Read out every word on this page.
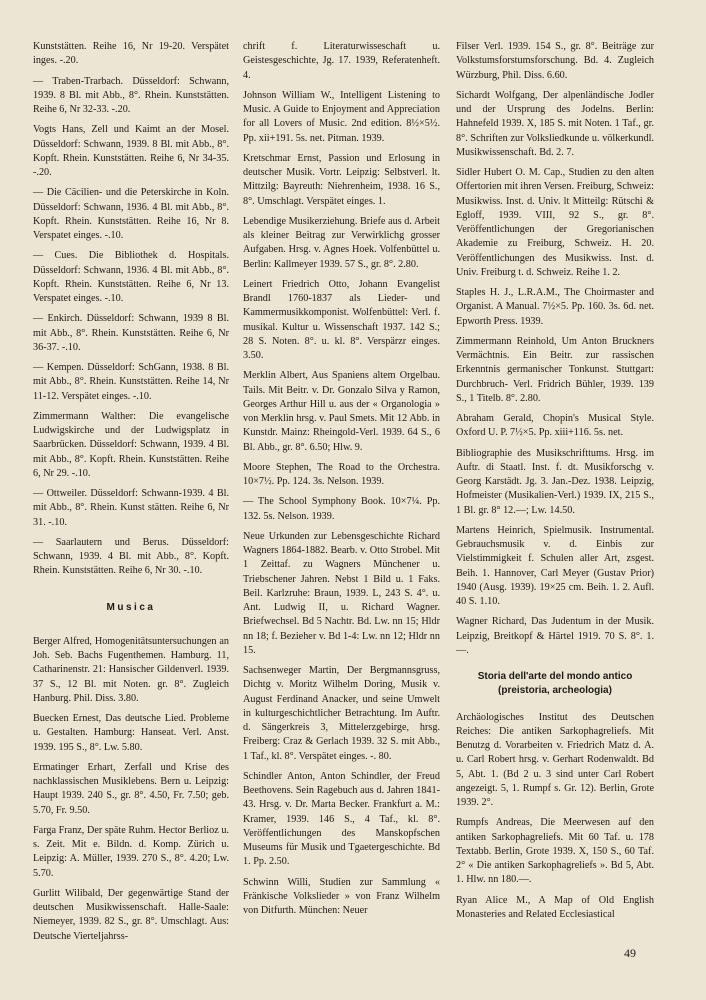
Kunststätten. Reihe 16, Nr 19-20. Verspätet inges. -.20.

— Traben-Trarbach. Düsseldorf: Schwann, 1939. 8 Bl. mit Abb., 8°. Rhein. Kunststätten. Reihe 6, Nr 32-33. -.20.

Vogts Hans, Zell und Kaimt an der Mosel. Düsseldorf: Schwann, 1939. 8 Bl. mit Abb., 8°. Kopft. Rhein. Kunststätten. Reihe 6, Nr 34-35. -.20.

— Die Cäcilien- und die Peterskirche in Koln. Düsseldorf: Schwann, 1936. 4 Bl. mit Abb., 8°. Kopft. Rhein. Kunststätten. Reihe 16, Nr 8. Verspatet einges. -.10.

— Cues. Die Bibliothek d. Hospitals. Düsseldorf: Schwann, 1936. 4 Bl. mit Abb., 8°. Kopft. Rhein. Kunststätten. Reihe 6, Nr 13. Verspatet einges. -.10.

— Enkirch. Düsseldorf: Schwann, 1939 8 Bl. mit Abb., 8°. Rhein. Kunststätten. Reihe 6, Nr 36-37. -.10.

— Kempen. Düsseldorf: SchGann, 1938. 8 Bl. mit Abb., 8°. Rhein. Kunststätten. Reihe 14, Nr 11-12. Verspätet einges. -.10.

Zimmermann Walther: Die evangelische Ludwigskirche und der Ludwigsplatz in Saarbrücken. Düsseldorf: Schwann, 1939. 4 Bl. mit Abb., 8°. Kopft. Rhein. Kunststätten. Reihe 6, Nr 29. -.10.

— Ottweiler. Düsseldorf: Schwann-1939. 4 Bl. mit Abb., 8°. Rhein. Kunst stätten. Reihe 6, Nr 31. -.10.

— Saarlautern und Berus. Düsseldorf: Schwann, 1939. 4 Bl. mit Abb., 8°. Kopft. Rhein. Kunststätten. Reihe 6, Nr 30. -.10.

Musica

Berger Alfred, Homogenitätsuntersuchungen an Joh. Seb. Bachs Fugenthemen. Hamburg. 11, Catharinenstr. 21: Hansischer Gildenverl. 1939. 37 S., 12 Bl. mit Noten. gr. 8°. Zugleich Hanburg. Phil. Diss. 3.80.

Buecken Ernest, Das deutsche Lied. Probleme u. Gestalten. Hamburg: Hanseat. Verl. Anst. 1939. 195 S., 8°. Lw. 5.80.

Ermatinger Erhart, Zerfall und Krise des nachklassischen Musiklebens. Bern u. Leipzig: Haupt 1939. 240 S., gr. 8°. 4.50, Fr. 7.50; geb. 5.70, Fr. 9.50.

Farga Franz, Der späte Ruhm. Hector Berlioz u. s. Zeit. Mit e. Bildn. d. Komp. Zürich u. Leipzig: A. Müller, 1939. 270 S., 8°. 4.20; Lw. 5.70.

Gurlitt Wilibald, Der gegenwärtige Stand der deutschen Musikwissenschaft. Halle-Saale: Niemeyer, 1939. 82 S., gr. 8°. Umschlagt. Aus: Deutsche Vierteljahrss-

chrift f. Literaturwisseschaft u. Geistesgeschichte, Jg. 17. 1939, Referatenheft. 4.

Johnson William W., Intelligent Listening to Music. A Guide to Enjoyment and Appreciation for all Lovers of Music. 2nd edition. 8½×5½. Pp. xii+191. 5s. net. Pitman. 1939.

Kretschmar Ernst, Passion und Erlosung in deutscher Musik. Vortr. Leipzig: Selbstverl. lt. Mittzilg: Bayreuth: Niehrenheim, 1938. 16 S., 8°. Umschlagt. Verspätet einges. 1.

Lebendige Musikerziehung. Briefe aus d. Arbeit als kleiner Beitrag zur Verwirklichg grosser Aufgaben. Hrsg. v. Agnes Hoek. Volfenbüttel u. Berlin: Kallmeyer 1939. 57 S., gr. 8°. 2.80.

Leinert Friedrich Otto, Johann Evangelist Brandl 1760-1837 als Lieder- und Kammermusikkomponist. Wolfenbüttel: Verl. f. musikal. Kultur u. Wissenschaft 1937. 142 S.; 28 S. Noten. 8°. u. kl. 8°. Verspärzr einges. 3.50.

Merklin Albert, Aus Spaniens altem Orgelbau. Tails. Mit Beitr. v. Dr. Gonzalo Silva y Ramon, Georges Arthur Hill u. aus der « Organologia » von Merklin hrsg. v. Paul Smets. Mit 12 Abb. in Kunstdr. Mainz: Rheingold-Verl. 1939. 64 S., 6 Bl. Abb., gr. 8°. 6.50; Hlw. 9.

Moore Stephen, The Road to the Orchestra. 10×7½. Pp. 124. 3s. Nelson. 1939.

— The School Symphony Book. 10×7¼. Pp. 132. 5s. Nelson. 1939.

Neue Urkunden zur Lebensgeschichte Richard Wagners 1864-1882. Bearb. v. Otto Strobel. Mit 1 Zeittaf. zu Wagners Münchener u. Triebschener Jahren. Nebst 1 Bild u. 1 Faks. Beil. Karlzruhe: Braun, 1939. L, 243 S. 4°. u. Ant. Ludwig II, u. Richard Wagner. Briefwechsel. Bd 5 Nachtr. Bd. Lw. nn 15; Hldr nn 18; f. Bezieher v. Bd 1-4: Lw. nn 12; Hldr nn 15.

Sachsenweger Martin, Der Bergmannsgruss, Dichtg v. Moritz Wilhelm Doring, Musik v. August Ferdinand Anacker, und seine Umwelt in kulturgeschichtlicher Betrachtung. Im Auftr. d. Sängerkreis 3, Mittelerzgebirge, hrsg. Freiberg: Craz & Gerlach 1939. 32 S. mit Abb., 1 Taf., kl. 8°. Verspätet einges. -. 80.

Schindler Anton, Anton Schindler, der Freud Beethovens. Sein Ragebuch aus d. Jahren 1841-43. Hrsg. v. Dr. Marta Becker. Frankfurt a. M.: Kramer, 1939. 146 S., 4 Taf., kl. 8°. Veröffentlichungen des Manskopfschen Museums für Musik und Tgaetergeschichte. Bd 1. Pp. 2.50.

Schwinn Willi, Studien zur Sammlung « Fränkische Volkslieder » von Franz Wilhelm von Ditfurth. München: Neuer

Filser Verl. 1939. 154 S., gr. 8°. Beiträge zur Volkstumsforstumsforschung. Bd. 4. Zugleich Würzburg, Phil. Diss. 6.60.

Sichardt Wolfgang, Der alpenländische Jodler und der Ursprung des Jodelns. Berlin: Hahnefeld 1939. X, 185 S. mit Noten. 1 Taf., gr. 8°. Schriften zur Volksliedkunde u. völkerkundl. Musikwissenschaft. Bd. 2. 7.

Sidler Hubert O. M. Cap., Studien zu den alten Offertorien mit ihren Versen. Freiburg, Schweiz: Musikwiss. Inst. d. Univ. lt Mitteilg: Rütschi & Egloff, 1939. VIII, 92 S., gr. 8°. Veröffentlichungen der Gregorianischen Akademie zu Freiburg, Schweiz. H. 20. Veröffentlichungen des Musikwiss. Inst. d. Univ. Freiburg t. d. Schweiz. Reihe 1. 2.

Staples H. J., L.R.A.M., The Choirmaster and Organist. A Manual. 7½×5. Pp. 160. 3s. 6d. net. Epworth Press. 1939.

Zimmermann Reinhold, Um Anton Bruckners Vermächtnis. Ein Beitr. zur rassischen Erkenntnis germanischer Tonkunst. Stuttgart: Durchbruch- Verl. Fridrich Bühler, 1939. 139 S., 1 Titelb. 8°. 2.80.

Abraham Gerald, Chopin's Musical Style. Oxford U. P. 7½×5. Pp. xiii+116. 5s. net.

Bibliographie des Musikschrifttums. Hrsg. im Auftr. di Staatl. Inst. f. dt. Musikforschg v. Georg Karstädt. Jg. 3. Jan.-Dez. 1938. Leipzig, Hofmeister (Musikalien-Verl.) 1939. IX, 215 S., 1 Bl. gr. 8° 12.—; Lw. 14.50.

Martens Heinrich, Spielmusik. Instrumental. Gebrauchsmusik v. d. Einbis zur Vielstimmigkeit f. Schulen aller Art, zsgest. Beih. 1. Hannover, Carl Meyer (Gustav Prior) 1940 (Ausg. 1939). 19×25 cm. Beih. 1. 2. Aufl. 40 S. 1.10.

Wagner Richard, Das Judentum in der Musik. Leipzig, Breitkopf & Härtel 1919. 70 S. 8°. 1.—.

Storia dell'arte del mondo antico (preistoria, archeologia)

Archäologisches Institut des Deutschen Reiches: Die antiken Sarkophagreliefs. Mit Benutzg d. Vorarbeiten v. Friedrich Matz d. A. u. Carl Robert hrsg. v. Gerhart Rodenwaldt. Bd 5, Abt. 1. (Bd 2 u. 3 sind unter Carl Robert angezeigt. 5, 1. Rumpf s. Gr. 12). Berlin, Grote 1939. 2°.

Rumpfs Andreas, Die Meerwesen auf den antiken Sarkophagreliefs. Mit 60 Taf. u. 178 Textabb. Berlin, Grote 1939. X, 150 S., 60 Taf. 2° « Die antiken Sarkophagreliefs ». Bd 5, Abt. 1. Hlw. nn 180.—.

Ryan Alice M., A Map of Old English Monasteries and Related Ecclesiastical

49
